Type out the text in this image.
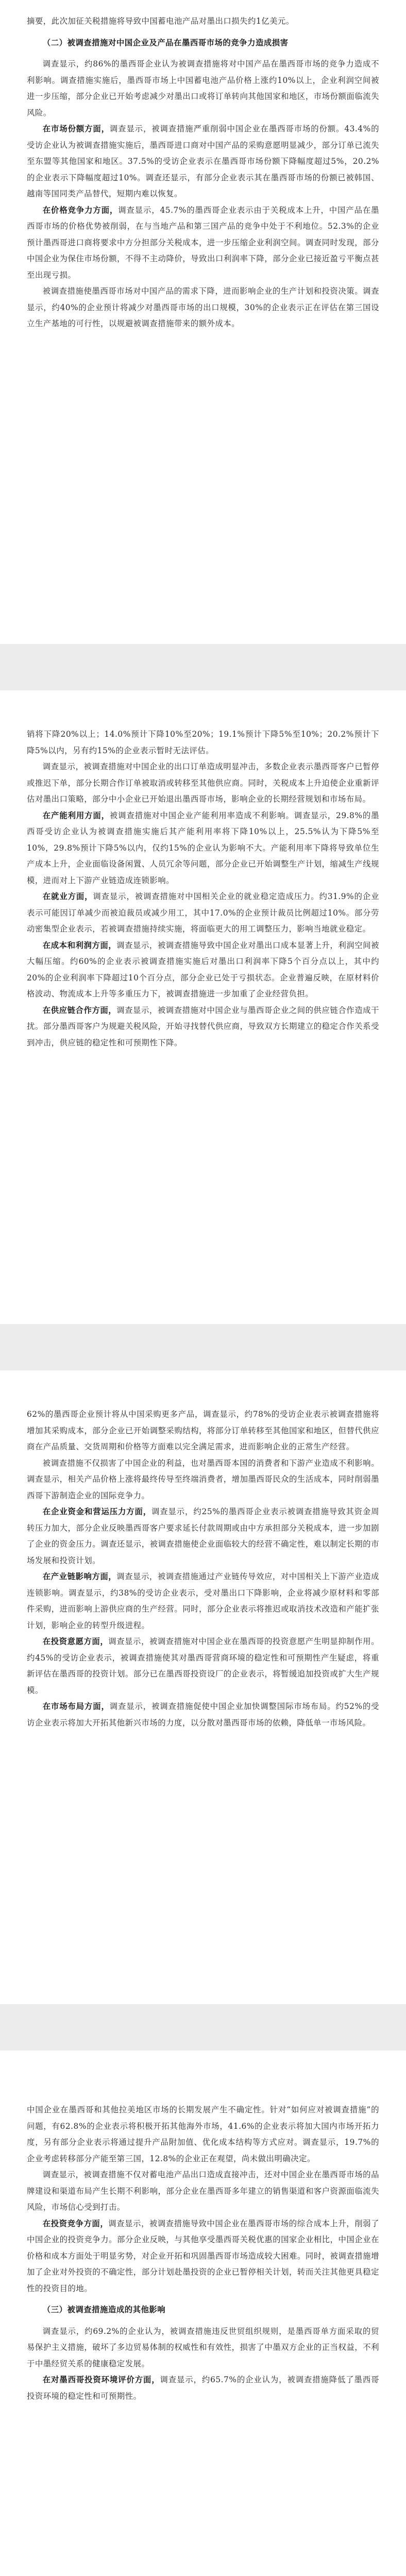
摘要，此次加征关税措施将导致中国蓄电池产品对墨出口损失约1亿美元。

（二）被调查措施对中国企业及产品在墨西哥市场的竞争力造成损害

调查显示，约86%的墨西哥企业认为被调查措施将对中国产品在墨西哥市场的竞争力造成不利影响。调查措施实施后，墨西哥市场上中国蓄电池产品价格上涨约10%以上，企业利润空间被进一步压缩，部分企业已开始考虑减少对墨出口或将订单转向其他国家和地区，市场份额面临流失风险。

在市场份额方面，调查显示，被调查措施严重削弱中国企业在墨西哥市场的份额。43.4%的受访企业认为被调查措施实施后，墨西哥进口商对中国产品的采购意愿明显减少，部分订单已流失至东盟等其他国家和地区。37.5%的受访企业表示在墨西哥市场份额下降幅度超过5%，20.2%的企业表示下降幅度超过10%。调查还显示，有部分企业表示其在墨西哥市场的份额已被韩国、越南等国同类产品替代，短期内难以恢复。

在价格竞争力方面，调查显示，45.7%的墨西哥企业表示由于关税成本上升，中国产品在墨西哥市场的价格优势被削弱，在与当地产品和第三国产品的竞争中处于不利地位。52.3%的企业预计墨西哥进口商将要求中方分担部分关税成本，进一步压缩企业利润空间。调查同时发现，部分中国企业为保住市场份额，不得不主动降价，导致出口利润率下降，部分企业已接近盈亏平衡点甚至出现亏损。

被调查措施使墨西哥市场对中国产品的需求下降，进而影响企业的生产计划和投资决策。调查显示，约40%的企业预计将减少对墨西哥市场的出口规模，30%的企业表示正在评估在第三国设立生产基地的可行性，以规避被调查措施带来的额外成本。

销将下降20%以上；14.0%预计下降10%至20%；19.1%预计下降5%至10%；20.2%预计下降5%以内，另有约15%的企业表示暂时无法评估。

调查显示，被调查措施对中国企业的出口订单造成明显冲击，多数企业表示墨西哥客户已暂停或推迟下单，部分长期合作订单被取消或转移至其他供应商。同时，关税成本上升迫使企业重新评估对墨出口策略，部分中小企业已开始退出墨西哥市场，影响企业的长期经营规划和市场布局。

在产能利用方面，被调查措施对中国企业产能利用率造成不利影响。调查显示，29.8%的墨西哥受访企业认为被调查措施实施后其产能利用率将下降10%以上，25.5%认为下降5%至10%，29.8%预计下降5%以内，仅约15%的企业认为影响不大。产能利用率下降将导致单位生产成本上升，企业面临设备闲置、人员冗余等问题，部分企业已开始调整生产计划，缩减生产线规模，进而对上下游产业链造成连锁影响。

在就业方面，调查显示，被调查措施对中国相关企业的就业稳定造成压力。约31.9%的企业表示可能因订单减少而被迫裁员或减少用工，其中17.0%的企业预计裁员比例超过10%。部分劳动密集型企业表示，若被调查措施持续实施，将面临更大的用工调整压力，影响当地就业稳定。

在成本和利润方面，调查显示，被调查措施导致中国企业对墨出口成本显著上升，利润空间被大幅压缩。约60%的企业表示被调查措施实施后对墨出口利润率下降5个百分点以上，其中约20%的企业利润率下降超过10个百分点，部分企业已处于亏损状态。企业普遍反映，在原材料价格波动、物流成本上升等多重压力下，被调查措施进一步加重了企业经营负担。

在供应链合作方面，调查显示，被调查措施对中国企业与墨西哥企业之间的供应链合作造成干扰。部分墨西哥客户为规避关税风险，开始寻找替代供应商，导致双方长期建立的稳定合作关系受到冲击，供应链的稳定性和可预期性下降。

62%的墨西哥企业预计将从中国采购更多产品，调查显示，约78%的受访企业表示被调查措施将增加其采购成本，部分企业已开始调整采购结构，将部分订单转移至其他国家和地区，但替代供应商在产品质量、交货周期和价格等方面难以完全满足需求，进而影响企业的正常生产经营。

被调查措施不仅损害了中国企业的利益，也对墨西哥本国的消费者和下游产业造成不利影响。调查显示，相关产品价格上涨将最终传导至终端消费者，增加墨西哥民众的生活成本，同时削弱墨西哥下游制造企业的国际竞争力。

在企业资金和营运压力方面，调查显示，约25%的墨西哥企业表示被调查措施导致其资金周转压力加大，部分企业反映墨西哥客户要求延长付款周期或由中方承担部分关税成本，进一步加剧了企业的资金压力。调查还显示，被调查措施使企业面临较大的经营不确定性，难以制定长期的市场发展和投资计划。

在产业链影响方面，调查显示，被调查措施通过产业链传导效应，对中国相关上下游产业造成连锁影响。调查显示，约38%的受访企业表示，受对墨出口下降影响，企业将减少原材料和零部件采购，进而影响上游供应商的生产经营。同时，部分企业表示将推迟或取消技术改造和产能扩张计划，影响企业的转型升级进程。

在投资意愿方面，调查显示，被调查措施对中国企业在墨西哥的投资意愿产生明显抑制作用。约45%的受访企业表示，被调查措施使其对墨西哥营商环境的稳定性和可预期性产生疑虑，将重新评估在墨西哥的投资计划。部分已在墨西哥投资设厂的企业表示，将暂缓追加投资或扩大生产规模。

在市场布局方面，调查显示，被调查措施促使中国企业加快调整国际市场布局。约52%的受访企业表示将加大开拓其他新兴市场的力度，以分散对墨西哥市场的依赖，降低单一市场风险。

中国企业在墨西哥和其他拉美地区市场的长期发展产生不确定性。针对“如何应对被调查措施”的问题，有62.8%的企业表示将积极开拓其他海外市场，41.6%的企业表示将加大国内市场开拓力度，另有部分企业表示将通过提升产品附加值、优化成本结构等方式应对。调查显示，19.7%的企业考虑转移部分产能至第三国，12.8%的企业正在观望，尚未做出明确决定。

调查显示，被调查措施不仅对蓄电池产品出口造成直接冲击，还对中国企业在墨西哥市场的品牌建设和渠道布局产生长期不利影响，部分企业在墨西哥多年建立的销售渠道和客户资源面临流失风险，市场信心受到打击。

在投资竞争方面，调查显示，被调查措施导致中国企业在墨西哥市场的综合成本上升，削弱了中国企业的投资竞争力。部分企业反映，与其他享受墨西哥关税优惠的国家企业相比，中国企业在价格和成本方面处于明显劣势，对企业开拓和巩固墨西哥市场造成较大困难。同时，被调查措施增加了企业对外投资的不确定性，部分计划赴墨投资的企业已暂停相关计划，转而关注其他更具稳定性的投资目的地。

（三）被调查措施造成的其他影响

调查显示，约69.2%的企业认为，被调查措施违反世贸组织规则，是墨西哥单方面采取的贸易保护主义措施，破坏了多边贸易体制的权威性和有效性，损害了中墨双方企业的正当权益，不利于中墨经贸关系的健康稳定发展。

在对墨西哥投资环境评价方面，调查显示，约65.7%的企业认为，被调查措施降低了墨西哥投资环境的稳定性和可预期性。
